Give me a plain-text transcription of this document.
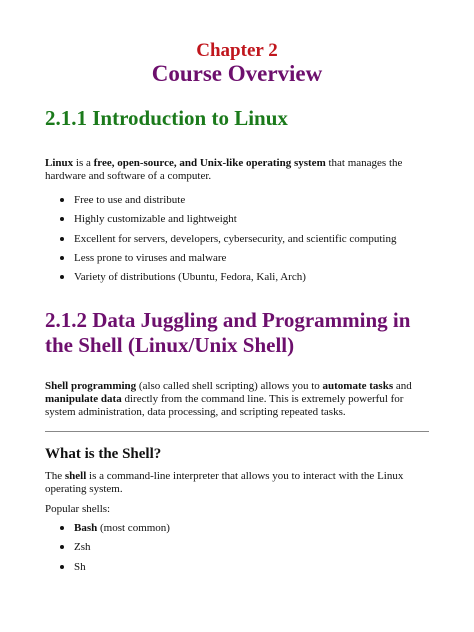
Chapter 2
Course Overview
2.1.1 Introduction to Linux

Linux is a free, open-source, and Unix-like operating system that manages the hardware and software of a computer.

Free to use and distribute
Highly customizable and lightweight
Excellent for servers, developers, cybersecurity, and scientific computing
Less prone to viruses and malware
Variety of distributions (Ubuntu, Fedora, Kali, Arch)
2.1.2 Data Juggling and Programming in
the Shell (Linux/Unix Shell)

Shell programming (also called shell scripting) allows you to automate tasks and manipulate data directly from the command line. This is extremely powerful for system administration, data processing, and scripting repeated tasks.

What is the Shell?

The shell is a command-line interpreter that allows you to interact with the Linux operating system.

Popular shells:

Bash (most common)
Zsh
Sh
